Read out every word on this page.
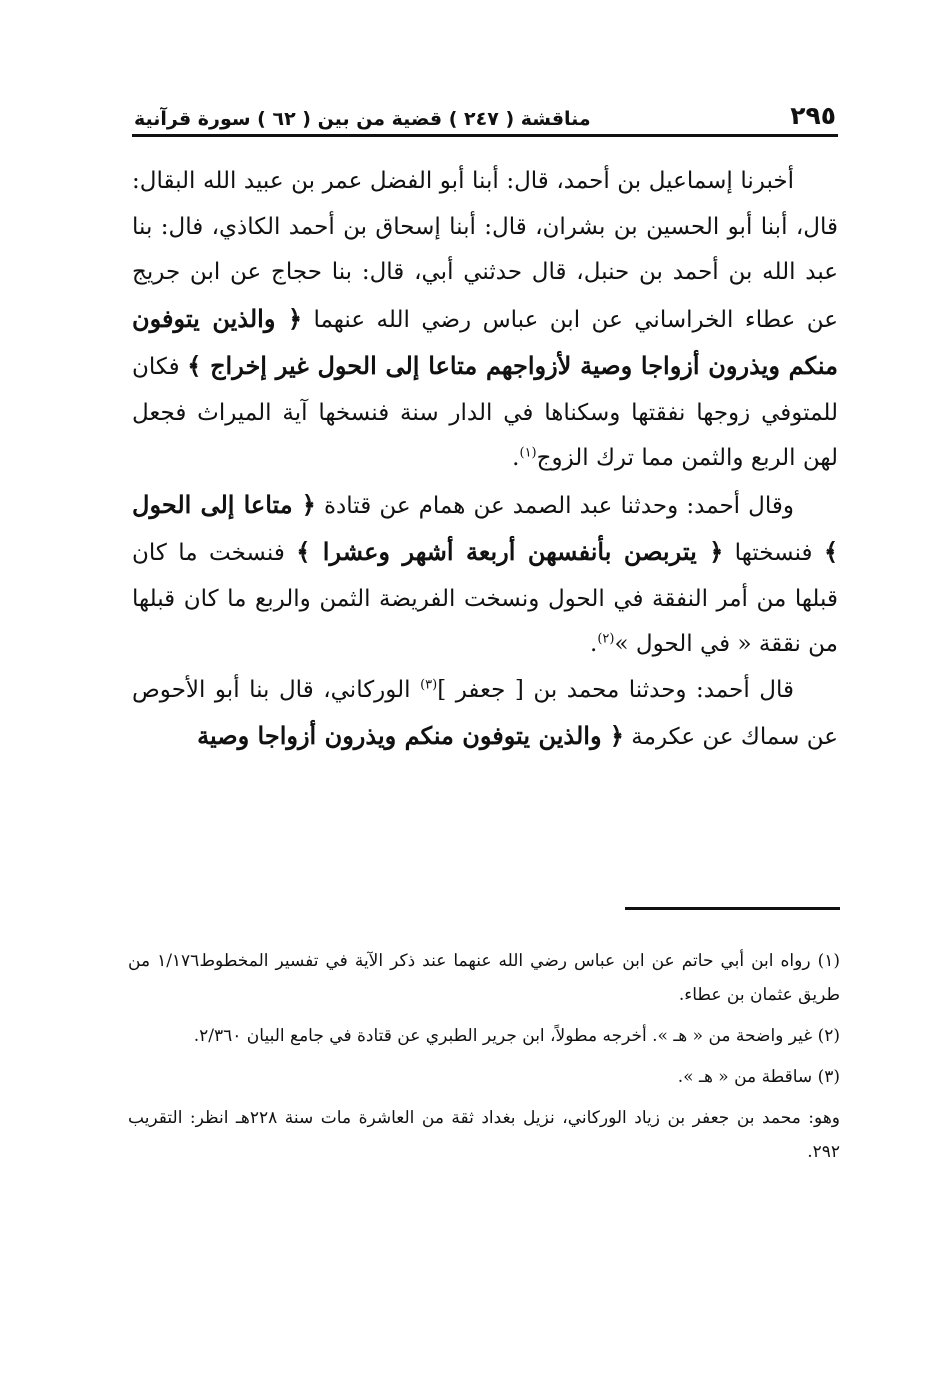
٢٩٥
مناقشة ( ٢٤٧ ) قضية من بين ( ٦٢ ) سورة قرآنية

أخبرنا إسماعيل بن أحمد، قال: أبنا أبو الفضل عمر بن عبيد الله البقال: قال، أبنا أبو الحسين بن بشران، قال: أبنا إسحاق بن أحمد الكاذي، فال: بنا عبد الله بن أحمد بن حنبل، قال حدثني أبي، قال: بنا حجاج عن ابن جريج عن عطاء الخراساني عن ابن عباس رضي الله عنهما ﴿ والذين يتوفون منكم ويذرون أزواجا وصية لأزواجهم متاعا إلى الحول غير إخراج ﴾ فكان للمتوفي زوجها نفقتها وسكناها في الدار سنة فنسخها آية الميراث فجعل لهن الربع والثمن مما ترك الزوج$^{(١)}$.

وقال أحمد: وحدثنا عبد الصمد عن همام عن قتادة ﴿ متاعا إلى الحول ﴾ فنسختها ﴿ يتربصن بأنفسهن أربعة أشهر وعشرا ﴾ فنسخت ما كان قبلها من أمر النفقة في الحول ونسخت الفريضة الثمن والربع ما كان قبلها من نققة « في الحول »$^{(٢)}$.

قال أحمد: وحدثنا محمد بن [ جعفر ]$^{(٣)}$ الوركاني، قال بنا أبو الأحوص عن سماك عن عكرمة ﴿ والذين يتوفون منكم ويذرون أزواجا وصية

(١) رواه ابن أبي حاتم عن ابن عباس رضي الله عنهما عند ذكر الآية في تفسير المخطوط١/١٧٦ من طريق عثمان بن عطاء.

(٢) غير واضحة من « هـ ». أخرجه مطولاً، ابن جرير الطبري عن قتادة في جامع البيان ٢/٣٦٠.

(٣) ساقطة من « هـ ».

وهو: محمد بن جعفر بن زياد الوركاني، نزيل بغداد ثقة من العاشرة مات سنة ٢٢٨هـ انظر: التقريب ٢٩٢.
